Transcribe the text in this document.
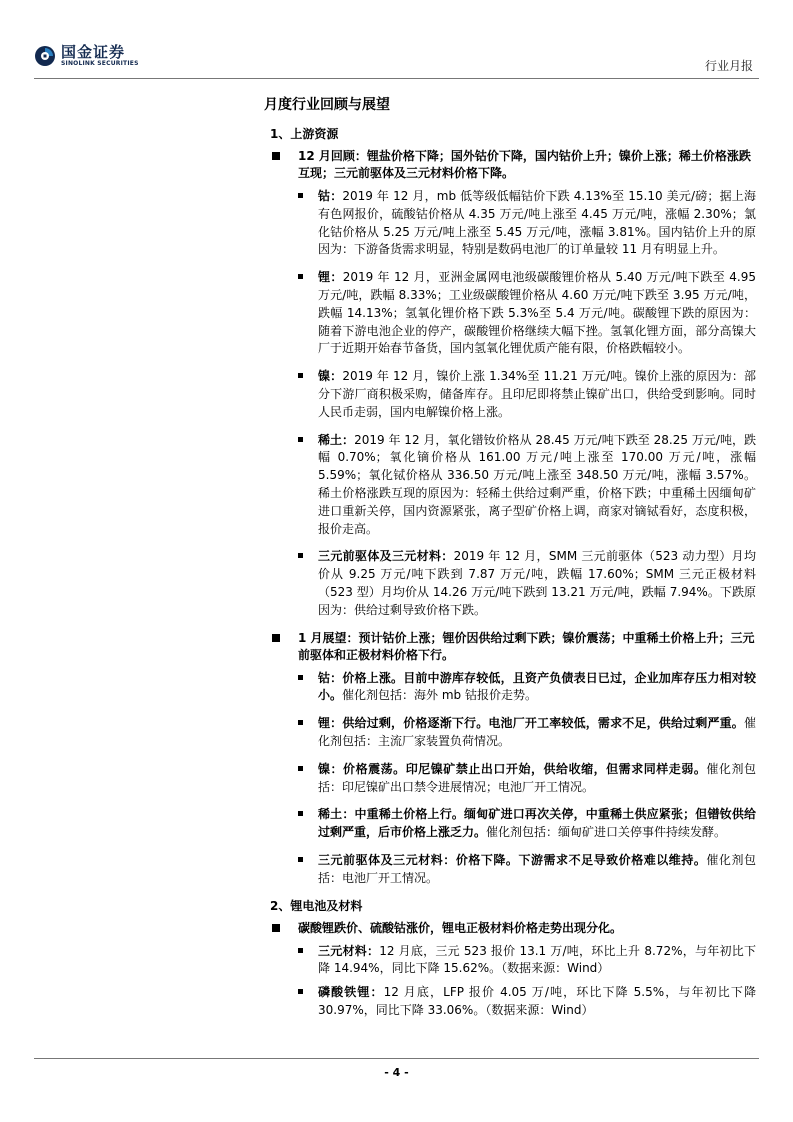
国金证券
SINOLINK SECURITIES	行业月报
月度行业回顾与展望
1、上游资源
12 月回顾：锂盐价格下降；国外钴价下降，国内钴价上升；镍价上涨；稀土价格涨跌互现；三元前驱体及三元材料价格下降。
钴：2019 年 12 月，mb 低等级低幅钴价下跌 4.13%至 15.10 美元/磅；据上海有色网报价，硫酸钴价格从 4.35 万元/吨上涨至 4.45 万元/吨，涨幅 2.30%；氯化钴价格从 5.25 万元/吨上涨至 5.45 万元/吨，涨幅 3.81%。国内钴价上升的原因为：下游备货需求明显，特别是数码电池厂的订单量较 11 月有明显上升。
锂：2019 年 12 月，亚洲金属网电池级碳酸锂价格从 5.40 万元/吨下跌至 4.95 万元/吨，跌幅 8.33%；工业级碳酸锂价格从 4.60 万元/吨下跌至 3.95 万元/吨，跌幅 14.13%；氢氧化锂价格下跌 5.3%至 5.4 万元/吨。碳酸锂下跌的原因为：随着下游电池企业的停产，碳酸锂价格继续大幅下挫。氢氧化锂方面，部分高镍大厂于近期开始春节备货，国内氢氧化锂优质产能有限，价格跌幅较小。
镍：2019 年 12 月，镍价上涨 1.34%至 11.21 万元/吨。镍价上涨的原因为：部分下游厂商积极采购，储备库存。且印尼即将禁止镍矿出口，供给受到影响。同时人民币走弱，国内电解镍价格上涨。
稀土：2019 年 12 月，氧化镨钕价格从 28.45 万元/吨下跌至 28.25 万元/吨，跌幅 0.70%；氧化镝价格从 161.00 万元/吨上涨至 170.00 万元/吨，涨幅 5.59%；氧化铽价格从 336.50 万元/吨上涨至 348.50 万元/吨，涨幅 3.57%。稀土价格涨跌互现的原因为：轻稀土供给过剩严重，价格下跌；中重稀土因缅甸矿进口重新关停，国内资源紧张，离子型矿价格上调，商家对镝铽看好，态度积极，报价走高。
三元前驱体及三元材料：2019 年 12 月，SMM 三元前驱体（523 动力型）月均价从 9.25 万元/吨下跌到 7.87 万元/吨，跌幅 17.60%；SMM 三元正极材料（523 型）月均价从 14.26 万元/吨下跌到 13.21 万元/吨，跌幅 7.94%。下跌原因为：供给过剩导致价格下跌。
1 月展望：预计钴价上涨；锂价因供给过剩下跌；镍价震荡；中重稀土价格上升；三元前驱体和正极材料价格下行。
钴：价格上涨。目前中游库存较低，且资产负债表日已过，企业加库存压力相对较小。催化剂包括：海外 mb 钴报价走势。
锂：供给过剩，价格逐渐下行。电池厂开工率较低，需求不足，供给过剩严重。催化剂包括：主流厂家装置负荷情况。
镍：价格震荡。印尼镍矿禁止出口开始，供给收缩，但需求同样走弱。催化剂包括：印尼镍矿出口禁令进展情况；电池厂开工情况。
稀土：中重稀土价格上行。缅甸矿进口再次关停，中重稀土供应紧张；但镨钕供给过剩严重，后市价格上涨乏力。催化剂包括：缅甸矿进口关停事件持续发酵。
三元前驱体及三元材料：价格下降。下游需求不足导致价格难以维持。催化剂包括：电池厂开工情况。
2、锂电池及材料
碳酸锂跌价、硫酸钴涨价，锂电正极材料价格走势出现分化。
三元材料：12 月底，三元 523 报价 13.1 万/吨，环比上升 8.72%，与年初比下降 14.94%，同比下降 15.62%。（数据来源：Wind）
磷酸铁锂：12 月底，LFP 报价 4.05 万/吨，环比下降 5.5%，与年初比下降 30.97%，同比下降 33.06%。（数据来源：Wind）
- 4 -
